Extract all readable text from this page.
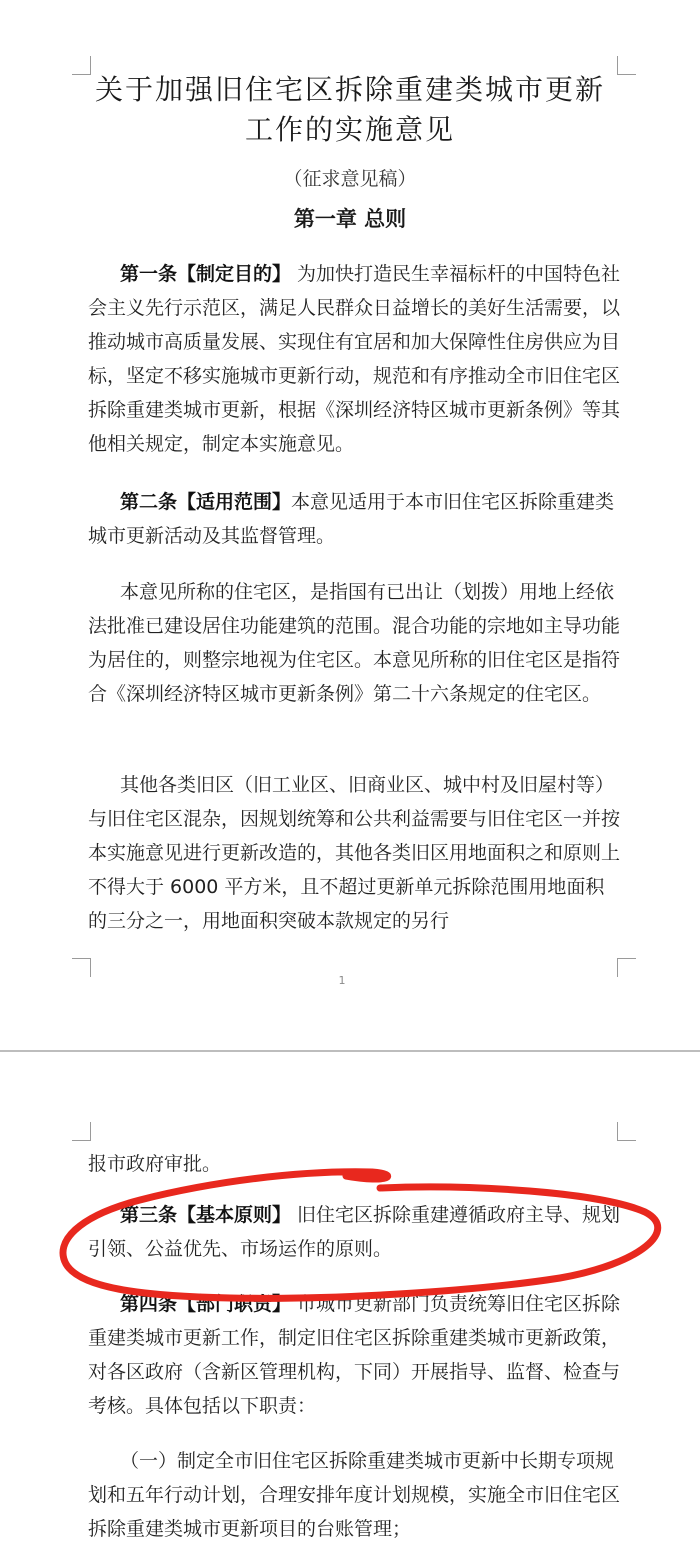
关于加强旧住宅区拆除重建类城市更新
工作的实施意见
（征求意见稿）
第一章 总则

第一条【制定目的】 为加快打造民生幸福标杆的中国特色社会主义先行示范区，满足人民群众日益增长的美好生活需要，以推动城市高质量发展、实现住有宜居和加大保障性住房供应为目标，坚定不移实施城市更新行动，规范和有序推动全市旧住宅区拆除重建类城市更新，根据《深圳经济特区城市更新条例》等其他相关规定，制定本实施意见。

第二条【适用范围】本意见适用于本市旧住宅区拆除重建类城市更新活动及其监督管理。

本意见所称的住宅区，是指国有已出让（划拨）用地上经依法批准已建设居住功能建筑的范围。混合功能的宗地如主导功能为居住的，则整宗地视为住宅区。本意见所称的旧住宅区是指符合《深圳经济特区城市更新条例》第二十六条规定的住宅区。

其他各类旧区（旧工业区、旧商业区、城中村及旧屋村等）与旧住宅区混杂，因规划统筹和公共利益需要与旧住宅区一并按本实施意见进行更新改造的，其他各类旧区用地面积之和原则上不得大于 6000 平方米，且不超过更新单元拆除范围用地面积的三分之一，用地面积突破本款规定的另行

1

报市政府审批。

第三条【基本原则】 旧住宅区拆除重建遵循政府主导、规划引领、公益优先、市场运作的原则。

第四条【部门职责】 市城市更新部门负责统筹旧住宅区拆除重建类城市更新工作，制定旧住宅区拆除重建类城市更新政策，对各区政府（含新区管理机构，下同）开展指导、监督、检查与考核。具体包括以下职责：

（一）制定全市旧住宅区拆除重建类城市更新中长期专项规划和五年行动计划，合理安排年度计划规模，实施全市旧住宅区拆除重建类城市更新项目的台账管理；
